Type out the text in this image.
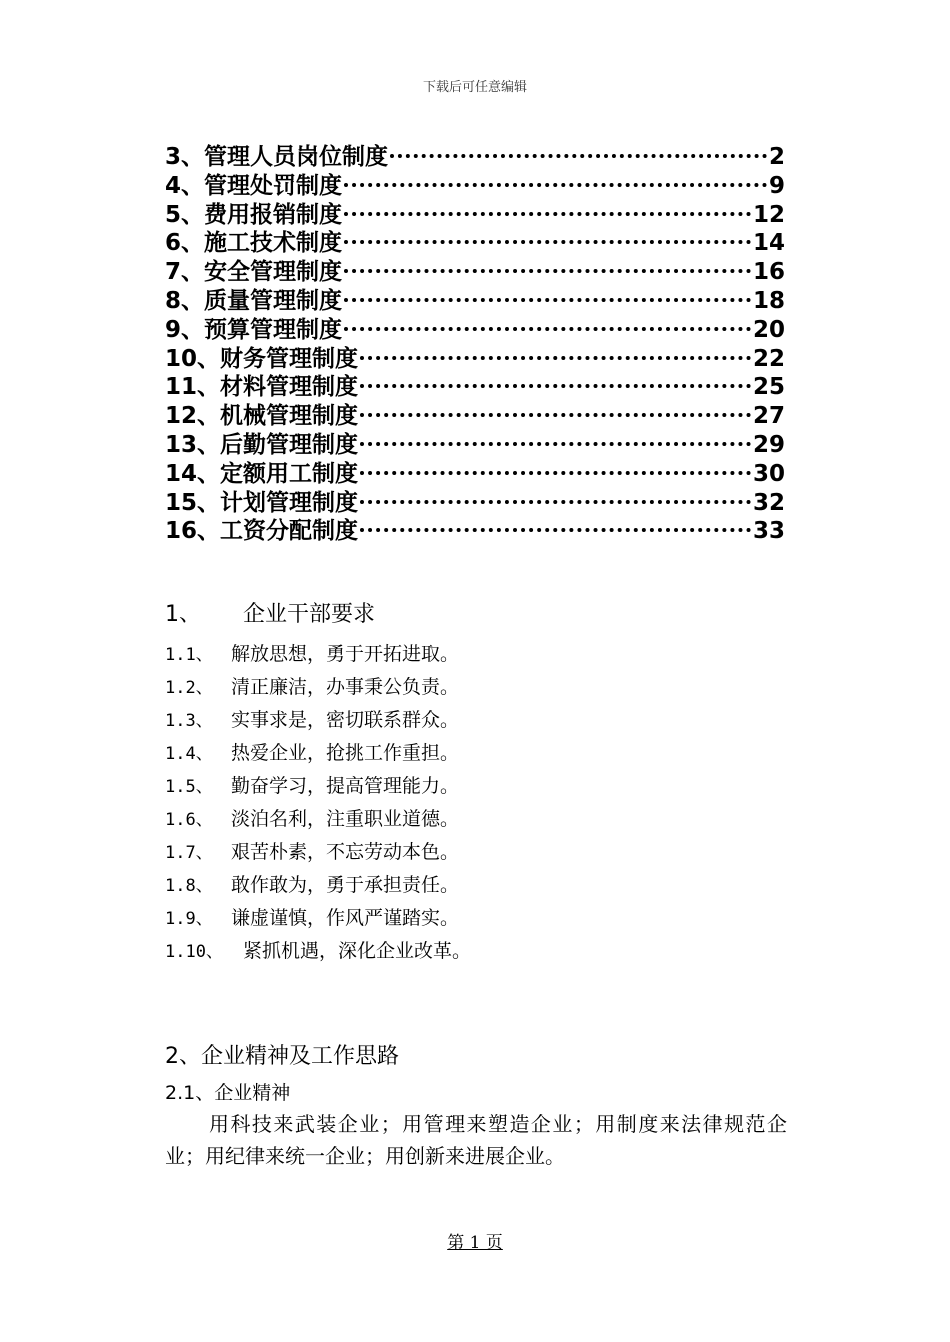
下载后可任意编辑
3、管理人员岗位制度	2
4、管理处罚制度	9
5、费用报销制度	12
6、施工技术制度	14
7、安全管理制度	16
8、质量管理制度	18
9、预算管理制度	20
10、财务管理制度	22
11、材料管理制度	25
12、机械管理制度	27
13、后勤管理制度	29
14、定额用工制度	30
15、计划管理制度	32
16、工资分配制度	33
1、 企业干部要求
1.1、 解放思想，勇于开拓进取。
1.2、 清正廉洁，办事秉公负责。
1.3、 实事求是，密切联系群众。
1.4、 热爱企业，抢挑工作重担。
1.5、 勤奋学习，提高管理能力。
1.6、 淡泊名利，注重职业道德。
1.7、 艰苦朴素，不忘劳动本色。
1.8、 敢作敢为，勇于承担责任。
1.9、 谦虚谨慎，作风严谨踏实。
1.10、	紧抓机遇，深化企业改革。
2、企业精神及工作思路
2.1、企业精神
用科技来武装企业；用管理来塑造企业；用制度来法律规范企业；用纪律来统一企业；用创新来进展企业。
第 1 页
